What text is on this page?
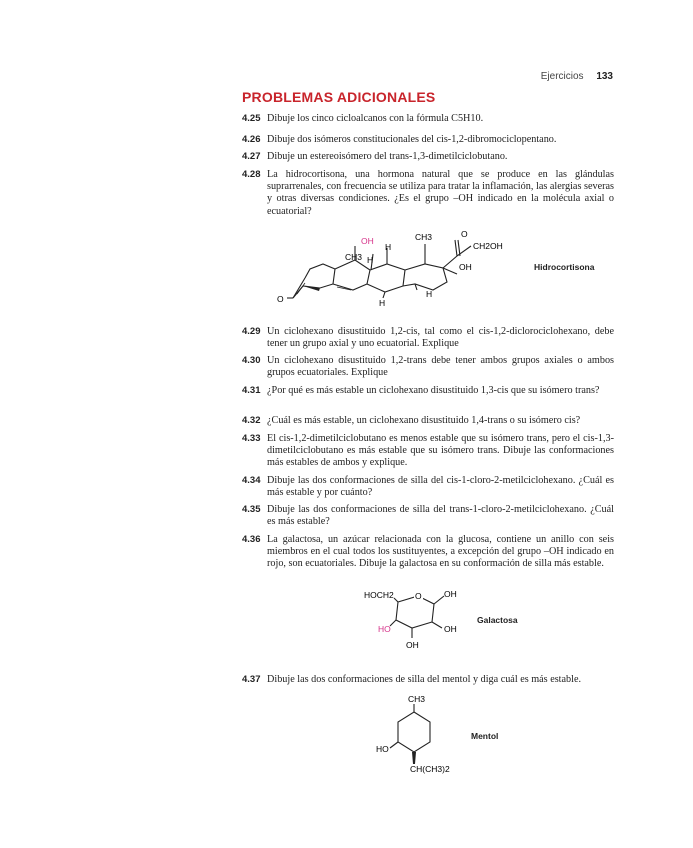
Ejercicios 133
PROBLEMAS ADICIONALES
4.25 Dibuje los cinco cicloalcanos con la fórmula C5H10.
4.26 Dibuje dos isómeros constitucionales del cis-1,2-dibromociclopentano.
4.27 Dibuje un estereoisómero del trans-1,3-dimetilciclobutano.
4.28 La hidrocortisona, una hormona natural que se produce en las glándulas suprarrenales, con frecuencia se utiliza para tratar la inflamación, las alergias severas y otras diversas condiciones. ¿Es el grupo –OH indicado en la molécula axial o ecuatorial?
O
OH
CH3 H
H
CH3
H
H
O
CH2OH
OH	Hidrocortisona
4.29 Un ciclohexano disustituido 1,2-cis, tal como el cis-1,2-diclorociclohexano, debe tener un grupo axial y uno ecuatorial. Explique
4.30 Un ciclohexano disustituido 1,2-trans debe tener ambos grupos axiales o ambos grupos ecuatoriales. Explique
4.31 ¿Por qué es más estable un ciclohexano disustituido 1,3-cis que su isómero trans?
4.32 ¿Cuál es más estable, un ciclohexano disustituido 1,4-trans o su isómero cis?
4.33 El cis-1,2-dimetilciclobutano es menos estable que su isómero trans, pero el cis-1,3-dimetilciclobutano es más estable que su isómero trans. Dibuje las conformaciones más estables de ambos y explique.
4.34 Dibuje las dos conformaciones de silla del cis-1-cloro-2-metilciclohexano. ¿Cuál es más estable y por cuánto?
4.35 Dibuje las dos conformaciones de silla del trans-1-cloro-2-metilciclohexano. ¿Cuál es más estable?
4.36 La galactosa, un azúcar relacionada con la glucosa, contiene un anillo con seis miembros en el cual todos los sustituyentes, a excepción del grupo –OH indicado en rojo, son ecuatoriales. Dibuje la galactosa en su conformación de silla más estable.
HOCH2 O	OH
HO	OH
OH
Galactosa
4.37 Dibuje las dos conformaciones de silla del mentol y diga cuál es más estable.
CH3
HO
CH(CH3)2
Mentol
